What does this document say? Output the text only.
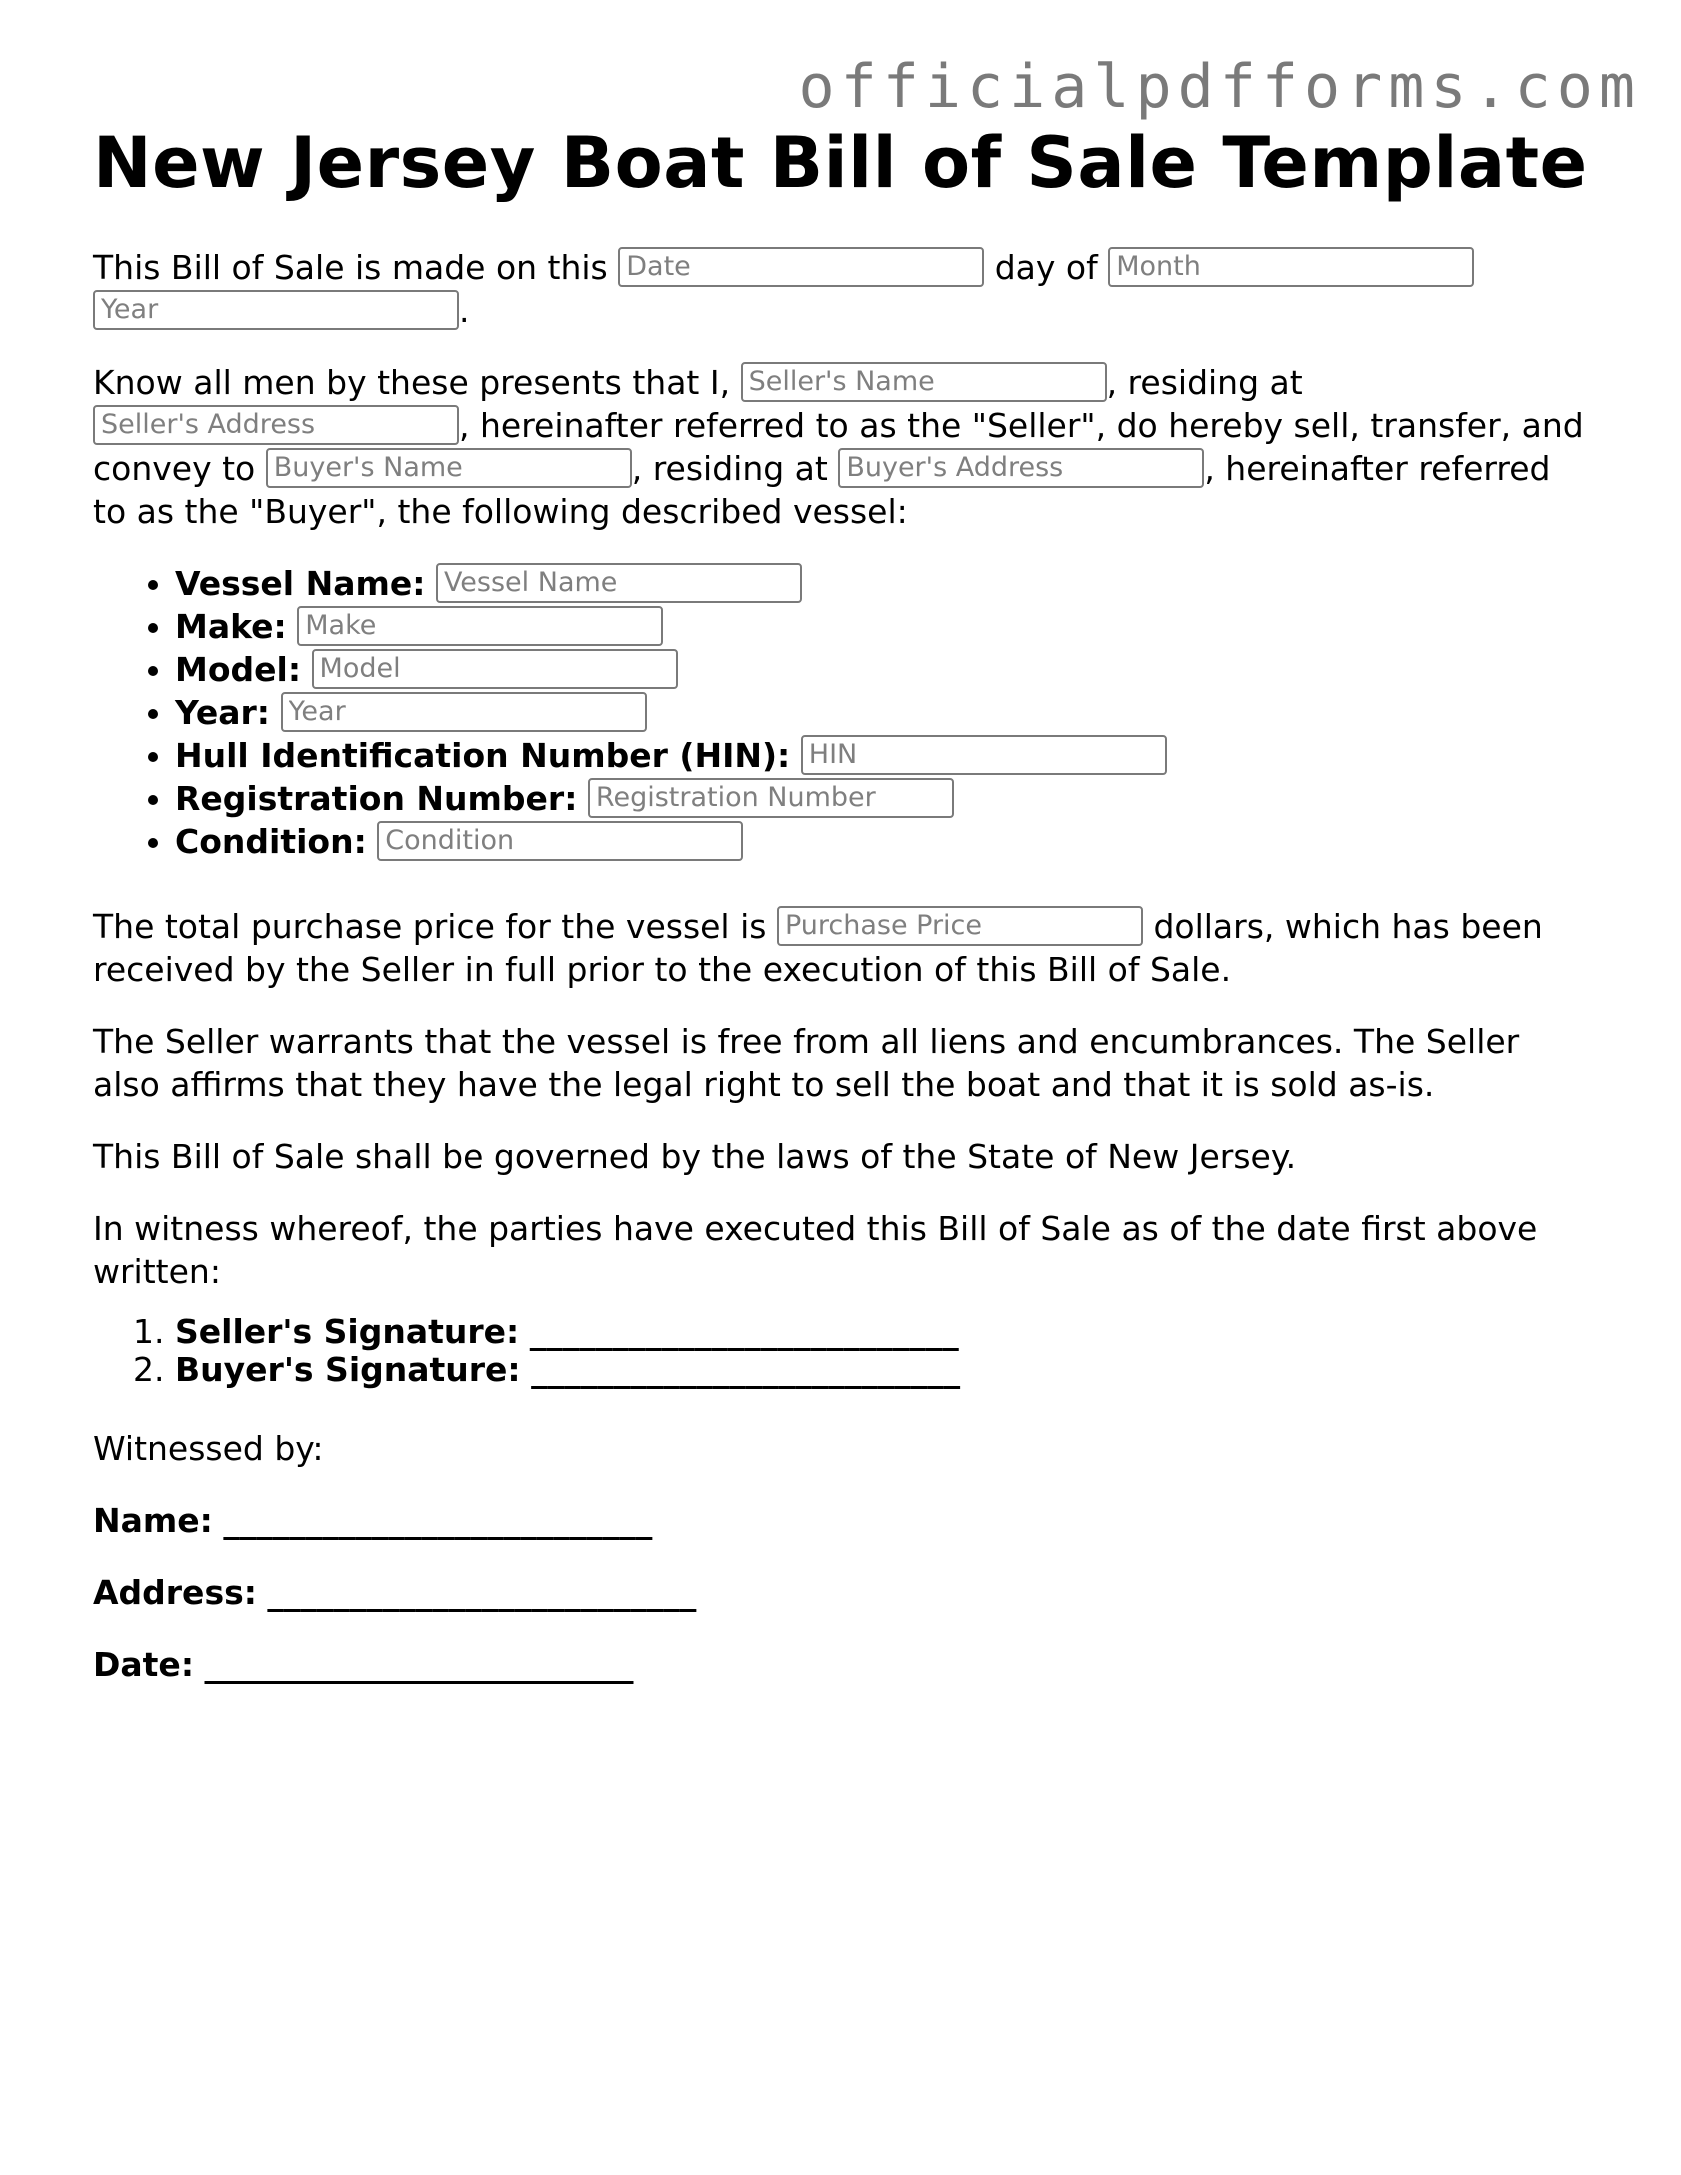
officialpdfforms.com
New Jersey Boat Bill of Sale Template

This Bill of Sale is made on this Date	day of Month
Year.

Know all men by these presents that I, Seller's Name	, residing at
Seller's Address, hereinafter referred to as the "Seller", do hereby sell, transfer, and convey to Buyer's Name	, residing at Buyer's Address	, hereinafter referred to as the "Buyer", the following described vessel:

• Vessel Name: Vessel Name
• Make: Make
• Model: Model
• Year: Year
• Hull Identification Number (HIN): HIN
• Registration Number: Registration Number
• Condition: Condition

The total purchase price for the vessel is Purchase Price	dollars, which has been received by the Seller in full prior to the execution of this Bill of Sale.

The Seller warrants that the vessel is free from all liens and encumbrances. The Seller also affirms that they have the legal right to sell the boat and that it is sold as-is.

This Bill of Sale shall be governed by the laws of the State of New Jersey.

In witness whereof, the parties have executed this Bill of Sale as of the date first above written:

1. Seller's Signature: __________________________
2. Buyer's Signature: __________________________

Witnessed by:

Name: __________________________
Address: __________________________
Date: __________________________
